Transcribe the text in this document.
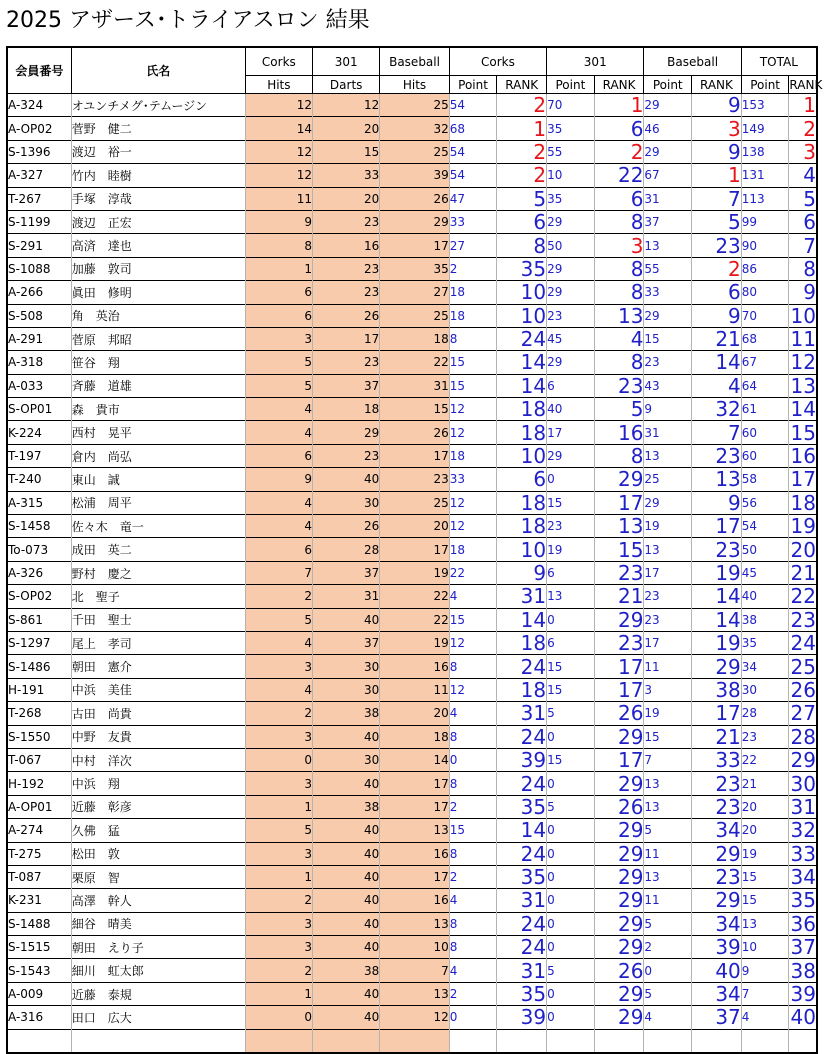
2025 アザース･トライアスロン 結果
会員番号	氏名	Corks	301	Baseball	Corks		301		Baseball		TOTAL	
		Hits	Darts	Hits	Point	RANK	Point	RANK	Point	RANK	Point	RANK
A-324	オユンチメグ･テムージン	12	12	25	54	2	70	1	29	9	153	1
A-OP02	菅野　健二	14	20	32	68	1	35	6	46	3	149	2
S-1396	渡辺　裕一	12	15	25	54	2	55	2	29	9	138	3
A-327	竹内　睦樹	12	33	39	54	2	10	22	67	1	131	4
T-267	手塚　淳哉	11	20	26	47	5	35	6	31	7	113	5
S-1199	渡辺　正宏	9	23	29	33	6	29	8	37	5	99	6
S-291	高済　達也	8	16	17	27	8	50	3	13	23	90	7
S-1088	加藤　敦司	1	23	35	2	35	29	8	55	2	86	8
A-266	眞田　修明	6	23	27	18	10	29	8	33	6	80	9
S-508	角　英治	6	26	25	18	10	23	13	29	9	70	10
A-291	菅原　邦昭	3	17	18	8	24	45	4	15	21	68	11
A-318	笹谷　翔	5	23	22	15	14	29	8	23	14	67	12
A-033	斉藤　道雄	5	37	31	15	14	6	23	43	4	64	13
S-OP01	森　貴市	4	18	15	12	18	40	5	9	32	61	14
K-224	西村　晃平	4	29	26	12	18	17	16	31	7	60	15
T-197	倉内　尚弘	6	23	17	18	10	29	8	13	23	60	16
T-240	東山　誠	9	40	23	33	6	0	29	25	13	58	17
A-315	松浦　周平	4	30	25	12	18	15	17	29	9	56	18
S-1458	佐々木　竜一	4	26	20	12	18	23	13	19	17	54	19
To-073	成田　英二	6	28	17	18	10	19	15	13	23	50	20
A-326	野村　慶之	7	37	19	22	9	6	23	17	19	45	21
S-OP02	北　聖子	2	31	22	4	31	13	21	23	14	40	22
S-861	千田　聖士	5	40	22	15	14	0	29	23	14	38	23
S-1297	尾上　孝司	4	37	19	12	18	6	23	17	19	35	24
S-1486	朝田　憲介	3	30	16	8	24	15	17	11	29	34	25
H-191	中浜　美佳	4	30	11	12	18	15	17	3	38	30	26
T-268	古田　尚貴	2	38	20	4	31	5	26	19	17	28	27
S-1550	中野　友貴	3	40	18	8	24	0	29	15	21	23	28
T-067	中村　洋次	0	30	14	0	39	15	17	7	33	22	29
H-192	中浜　翔	3	40	17	8	24	0	29	13	23	21	30
A-OP01	近藤　彰彦	1	38	17	2	35	5	26	13	23	20	31
A-274	久佛　猛	5	40	13	15	14	0	29	5	34	20	32
T-275	松田　敦	3	40	16	8	24	0	29	11	29	19	33
T-087	栗原　智	1	40	17	2	35	0	29	13	23	15	34
K-231	高澤　幹人	2	40	16	4	31	0	29	11	29	15	35
S-1488	細谷　晴美	3	40	13	8	24	0	29	5	34	13	36
S-1515	朝田　えり子	3	40	10	8	24	0	29	2	39	10	37
S-1543	細川　虹太郎	2	38	7	4	31	5	26	0	40	9	38
A-009	近藤　泰規	1	40	13	2	35	0	29	5	34	7	39
A-316	田口　広大	0	40	12	0	39	0	29	4	37	4	40
